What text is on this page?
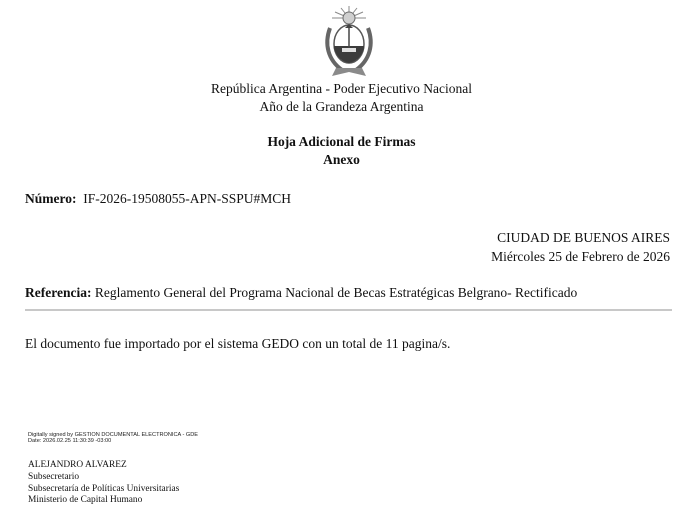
República Argentina - Poder Ejecutivo Nacional
Año de la Grandeza Argentina
Hoja Adicional de Firmas
Anexo
Número: IF-2026-19508055-APN-SSPU#MCH
CIUDAD DE BUENOS AIRES
Miércoles 25 de Febrero de 2026
Referencia: Reglamento General del Programa Nacional de Becas Estratégicas Belgrano- Rectificado
El documento fue importado por el sistema GEDO con un total de 11 pagina/s.
Digitally signed by GESTION DOCUMENTAL ELECTRONICA - GDE
Date: 2026.02.25 11:30:39 -03:00
ALEJANDRO ALVAREZ
Subsecretario
Subsecretaría de Políticas Universitarias
Ministerio de Capital Humano
